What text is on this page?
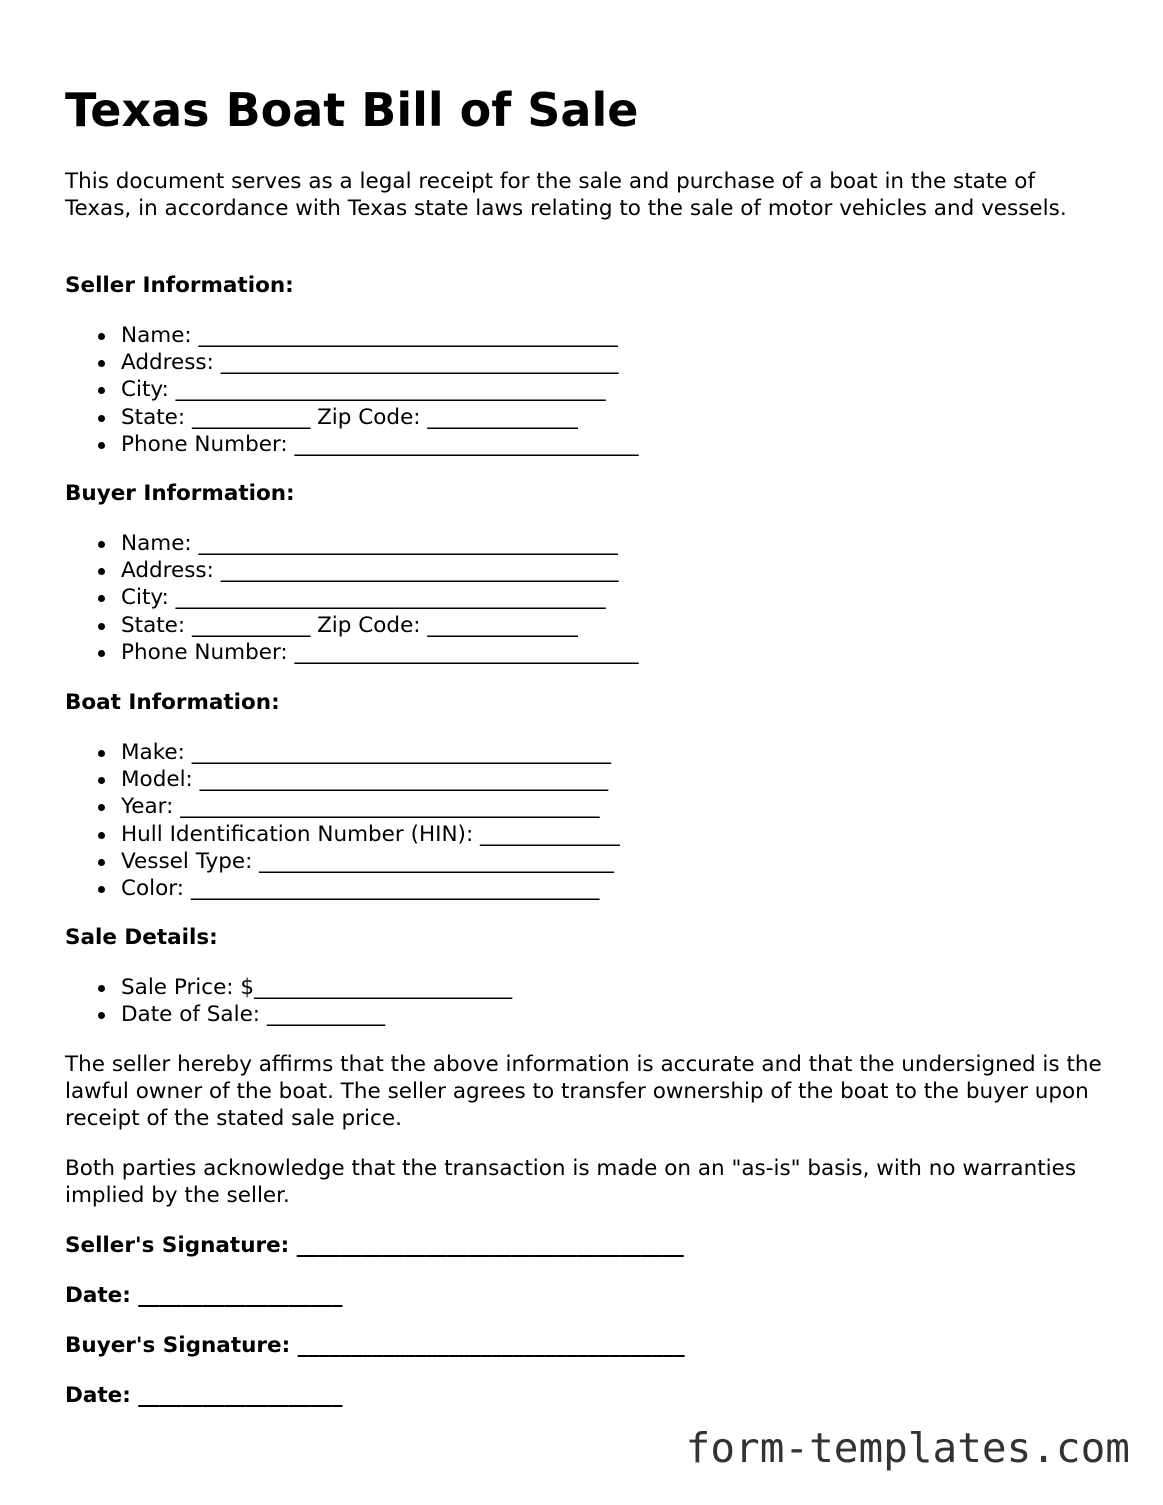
Texas Boat Bill of Sale

This document serves as a legal receipt for the sale and purchase of a boat in the state of Texas, in accordance with Texas state laws relating to the sale of motor vehicles and vessels.

Seller Information:

Name: _______________________________________
Address: _____________________________________
City: ________________________________________
State: ___________ Zip Code: ______________
Phone Number: ________________________________

Buyer Information:

Name: _______________________________________
Address: _____________________________________
City: ________________________________________
State: ___________ Zip Code: ______________
Phone Number: ________________________________

Boat Information:

Make: _______________________________________
Model: ______________________________________
Year: _______________________________________
Hull Identification Number (HIN): _____________
Vessel Type: _________________________________
Color: ______________________________________

Sale Details:

Sale Price: $________________________
Date of Sale: ___________

The seller hereby affirms that the above information is accurate and that the undersigned is the lawful owner of the boat. The seller agrees to transfer ownership of the boat to the buyer upon receipt of the stated sale price.

Both parties acknowledge that the transaction is made on an "as-is" basis, with no warranties implied by the seller.

Seller's Signature: ____________________________________

Date: ___________________

Buyer's Signature: ____________________________________

Date: ___________________

form-templates.com
